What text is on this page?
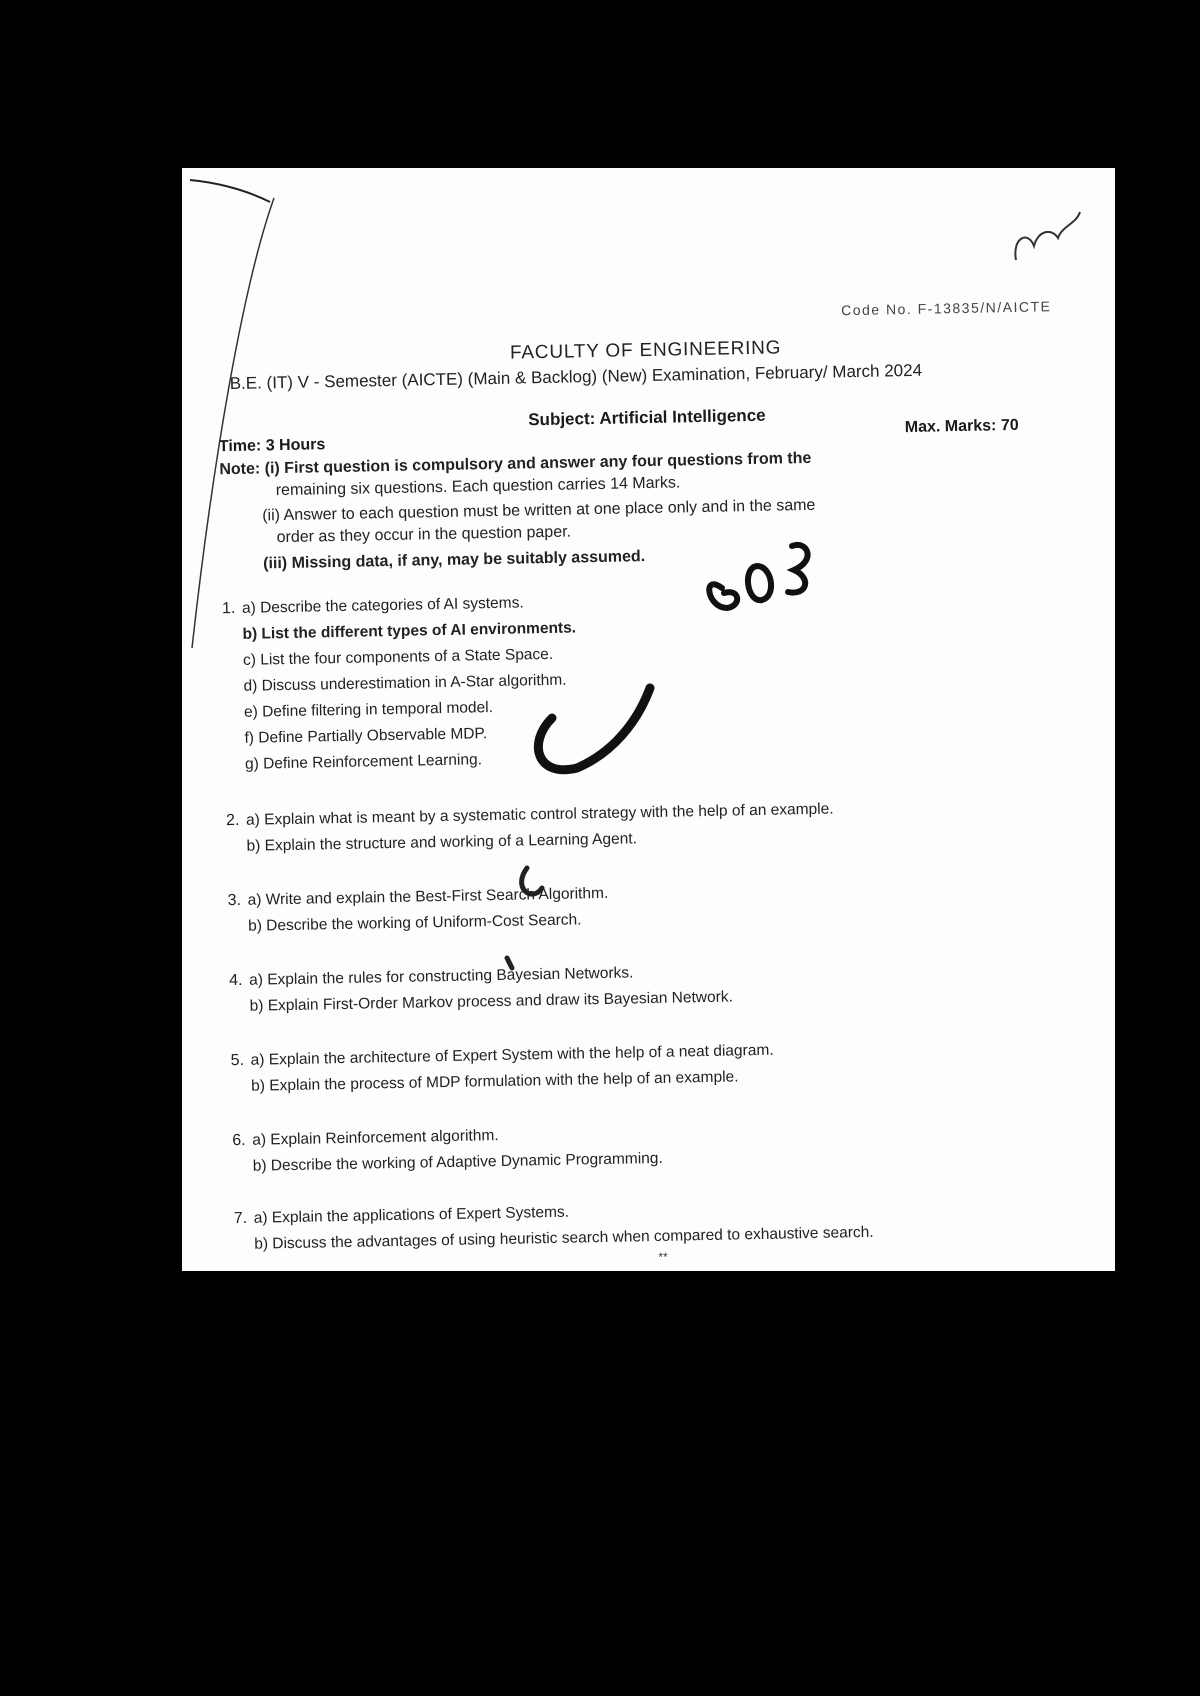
Code No. F-13835/N/AICTE
FACULTY OF ENGINEERING
B.E. (IT) V - Semester (AICTE) (Main & Backlog) (New) Examination, February/ March 2024
Subject: Artificial Intelligence
Time: 3 Hours
Max. Marks: 70
Note: (i) First question is compulsory and answer any four questions from the
remaining six questions. Each question carries 14 Marks.
(ii) Answer to each question must be written at one place only and in the same
order as they occur in the question paper.
(iii) Missing data, if any, may be suitably assumed.
1. a) Describe the categories of AI systems.
b) List the different types of AI environments.
c) List the four components of a State Space.
d) Discuss underestimation in A-Star algorithm.
e) Define filtering in temporal model.
f) Define Partially Observable MDP.
g) Define Reinforcement Learning.
2. a) Explain what is meant by a systematic control strategy with the help of an example.
b) Explain the structure and working of a Learning Agent.
3. a) Write and explain the Best-First Search Algorithm.
b) Describe the working of Uniform-Cost Search.
4. a) Explain the rules for constructing Bayesian Networks.
b) Explain First-Order Markov process and draw its Bayesian Network.
5. a) Explain the architecture of Expert System with the help of a neat diagram.
b) Explain the process of MDP formulation with the help of an example.
6. a) Explain Reinforcement algorithm.
b) Describe the working of Adaptive Dynamic Programming.
7. a) Explain the applications of Expert Systems.
b) Discuss the advantages of using heuristic search when compared to exhaustive search.
**
